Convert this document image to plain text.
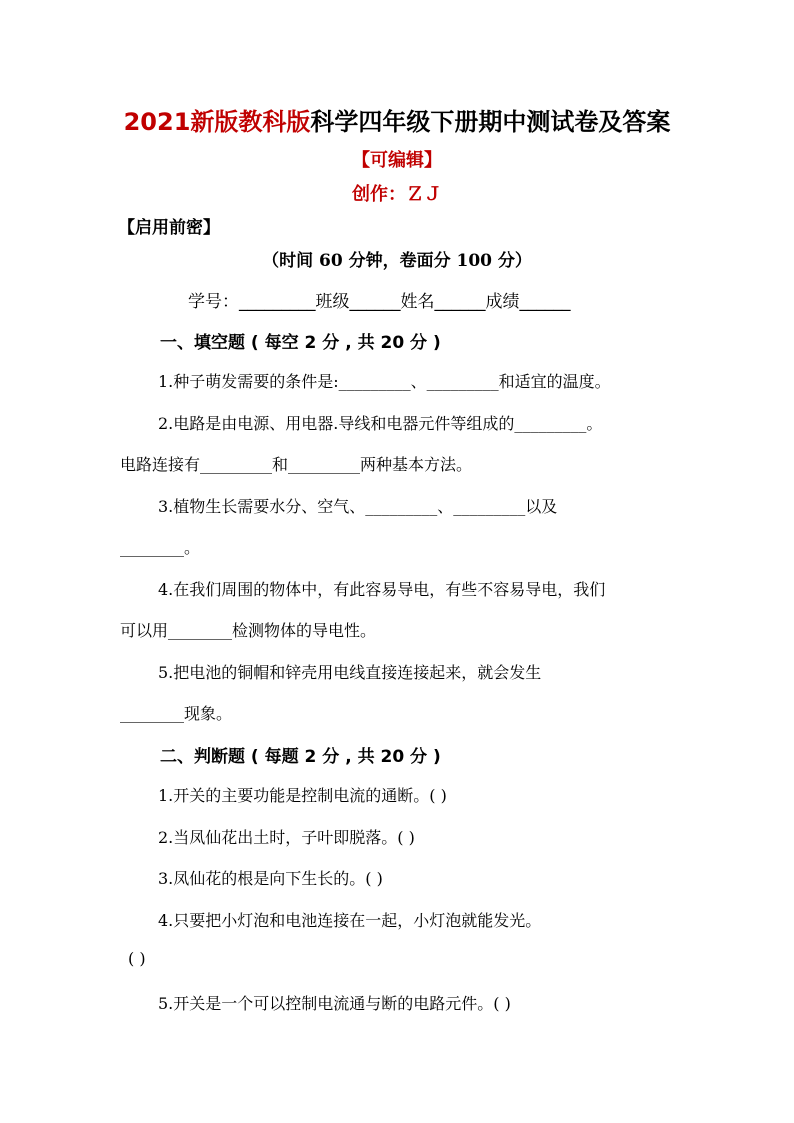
2021新版教科版科学四年级下册期中测试卷及答案
【可编辑】
创作：ＺＪ
【启用前密】
（时间 60 分钟，卷面分 100 分）
学号：_________班级______姓名______成绩______
一、填空题 ( 每空 2 分 , 共 20 分 )
1.种子萌发需要的条件是:_________、_________和适宜的温度。
2.电路是由电源、用电器.导线和电器元件等组成的_________。
电路连接有_________和_________两种基本方法。
3.植物生长需要水分、空气、_________、_________以及
________。
4.在我们周围的物体中，有此容易导电，有些不容易导电，我们
可以用________检测物体的导电性。
5.把电池的铜帽和锌壳用电线直接连接起来，就会发生
________现象。
二、判断题 ( 每题 2 分 , 共 20 分 )
1.开关的主要功能是控制电流的通断。( )
2.当凤仙花出土时，子叶即脱落。( )
3.凤仙花的根是向下生长的。( )
4.只要把小灯泡和电池连接在一起，小灯泡就能发光。
( )
5.开关是一个可以控制电流通与断的电路元件。( )
